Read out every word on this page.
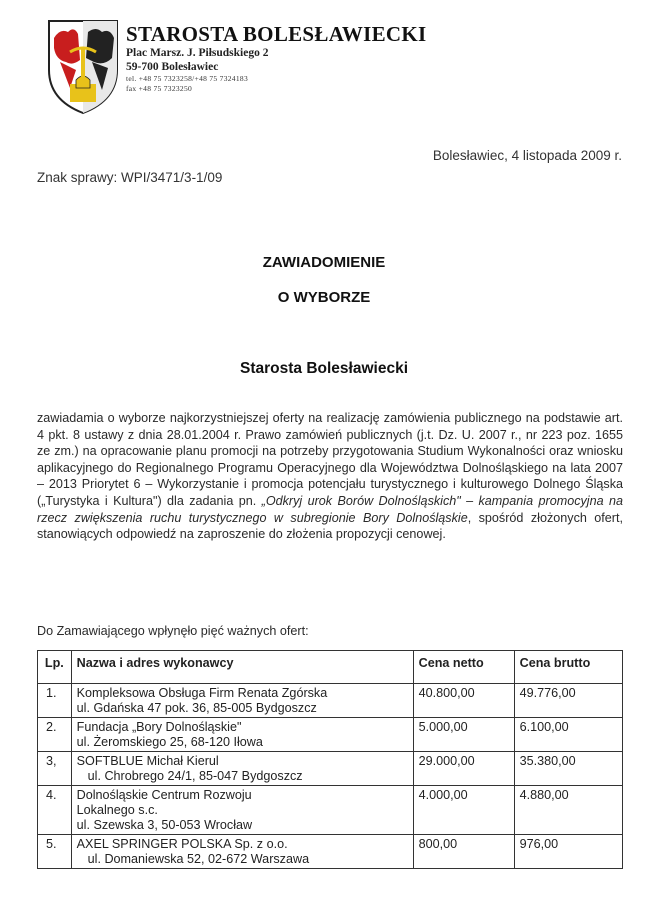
STAROSTA BOLESŁAWIECKI
Plac Marsz. J. Piłsudskiego 2
59-700 Bolesławiec
tel. +48 75 7323258/+48 75 7324183
fax +48 75 7323250
Bolesławiec, 4 listopada 2009 r.
Znak sprawy: WPI/3471/3-1/09
ZAWIADOMIENIE
O WYBORZE
Starosta Bolesławiecki
zawiadamia o wyborze najkorzystniejszej oferty na realizację zamówienia publicznego na podstawie art. 4 pkt. 8 ustawy z dnia 28.01.2004 r. Prawo zamówień publicznych (j.t. Dz. U. 2007 r., nr 223 poz. 1655 ze zm.) na opracowanie planu promocji na potrzeby przygotowania Studium Wykonalności oraz wniosku aplikacyjnego do Regionalnego Programu Operacyjnego dla Województwa Dolnośląskiego na lata 2007 – 2013 Priorytet 6 – Wykorzystanie i promocja potencjału turystycznego i kulturowego Dolnego Śląska („Turystyka i Kultura") dla zadania pn. „Odkryj urok Borów Dolnośląskich" – kampania promocyjna na rzecz zwiększenia ruchu turystycznego w subregionie Bory Dolnośląskie, spośród złożonych ofert, stanowiących odpowiedź na zaproszenie do złożenia propozycji cenowej.
Do Zamawiającego wpłynęło pięć ważnych ofert:
Lp.	Nazwa i adres wykonawcy	Cena netto	Cena brutto
1.	Kompleksowa Obsługa Firm Renata Zgórska
ul. Gdańska 47 pok. 36, 85-005 Bydgoszcz	40.800,00	49.776,00
2.	Fundacja „Bory Dolnośląskie"
ul. Żeromskiego 25, 68-120 Iłowa	5.000,00	6.100,00
3,	SOFTBLUE Michał Kierul
ul. Chrobrego 24/1, 85-047 Bydgoszcz	29.000,00	35.380,00
4.	Dolnośląskie Centrum Rozwoju
Lokalnego s.c.
ul. Szewska 3, 50-053 Wrocław	4.000,00	4.880,00
5.	AXEL SPRINGER POLSKA Sp. z o.o.
ul. Domaniewska 52, 02-672 Warszawa	800,00	976,00
